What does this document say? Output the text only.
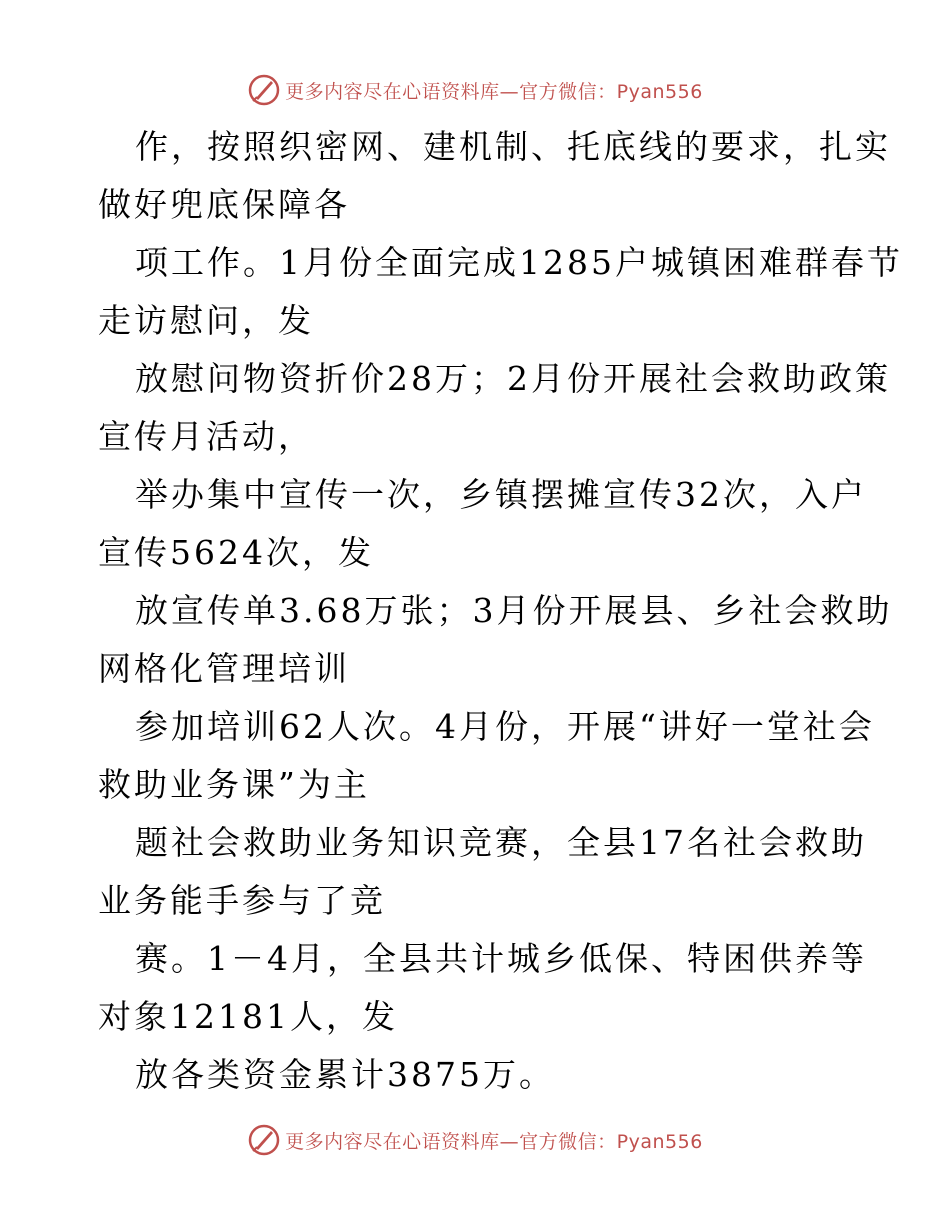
更多内容尽在心语资料库—官方微信：Pyan556
作，按照织密网、建机制、托底线的要求，扎实
做好兜底保障各
项工作。1月份全面完成1285户城镇困难群春节
走访慰问，发
放慰问物资折价28万；2月份开展社会救助政策
宣传月活动，
举办集中宣传一次，乡镇摆摊宣传32次，入户
宣传5624次，发
放宣传单3.68万张；3月份开展县、乡社会救助
网格化管理培训
参加培训62人次。4月份，开展“讲好一堂社会
救助业务课”为主
题社会救助业务知识竞赛，全县17名社会救助
业务能手参与了竞
赛。1－4月，全县共计城乡低保、特困供养等
对象12181人，发
放各类资金累计3875万。
更多内容尽在心语资料库—官方微信：Pyan556
